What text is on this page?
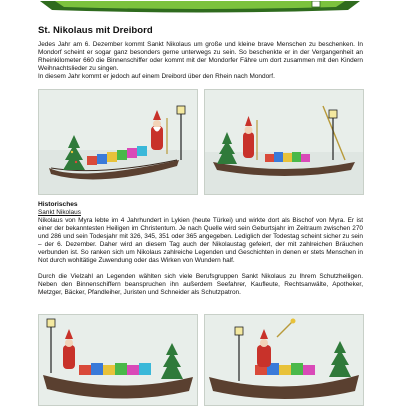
St. Nikolaus mit Dreibord

Jedes Jahr am 6. Dezember kommt Sankt Nikolaus um große und kleine brave Menschen zu beschenken. In Mondorf scheint er sogar ganz besonders gerne unterwegs zu sein. So beschenkte er in der Vergangenheit an Rheinkilometer 660 die Binnenschiffer oder kommt mit der Mondorfer Fähre um dort zusammen mit den Kindern Weihnachtslieder zu singen.

In diesem Jahr kommt er jedoch auf einem Dreibord über den Rhein nach Mondorf.

Historisches
Sankt Nikolaus

Nikolaus von Myra lebte im 4 Jahrhundert in Lykien (heute Türkei) und wirkte dort als Bischof von Myra. Er ist einer der bekanntesten Heiligen im Christentum. Je nach Quelle wird sein Geburtsjahr im Zeitraum zwischen 270 und 286 und sein Todesjahr mit 326, 345, 351 oder 365 angegeben. Lediglich der Todestag scheint sicher zu sein – der 6. Dezember. Daher wird an diesem Tag auch der Nikolaustag gefeiert, der mit zahlreichen Bräuchen verbunden ist. So ranken sich um Nikolaus zahlreiche Legenden und Geschichten in denen er stets Menschen in Not durch wohltätige Zuwendung oder das Wirken von Wundern half.

Durch die Vielzahl an Legenden wählten sich viele Berufsgruppen Sankt Nikolaus zu Ihrem Schutzheiligen. Neben den Binnenschiffern beanspruchen ihn außerdem Seefahrer, Kaufleute, Rechtsanwälte, Apotheker, Metzger, Bäcker, Pfandleiher, Juristen und Schneider als Schutzpatron.
